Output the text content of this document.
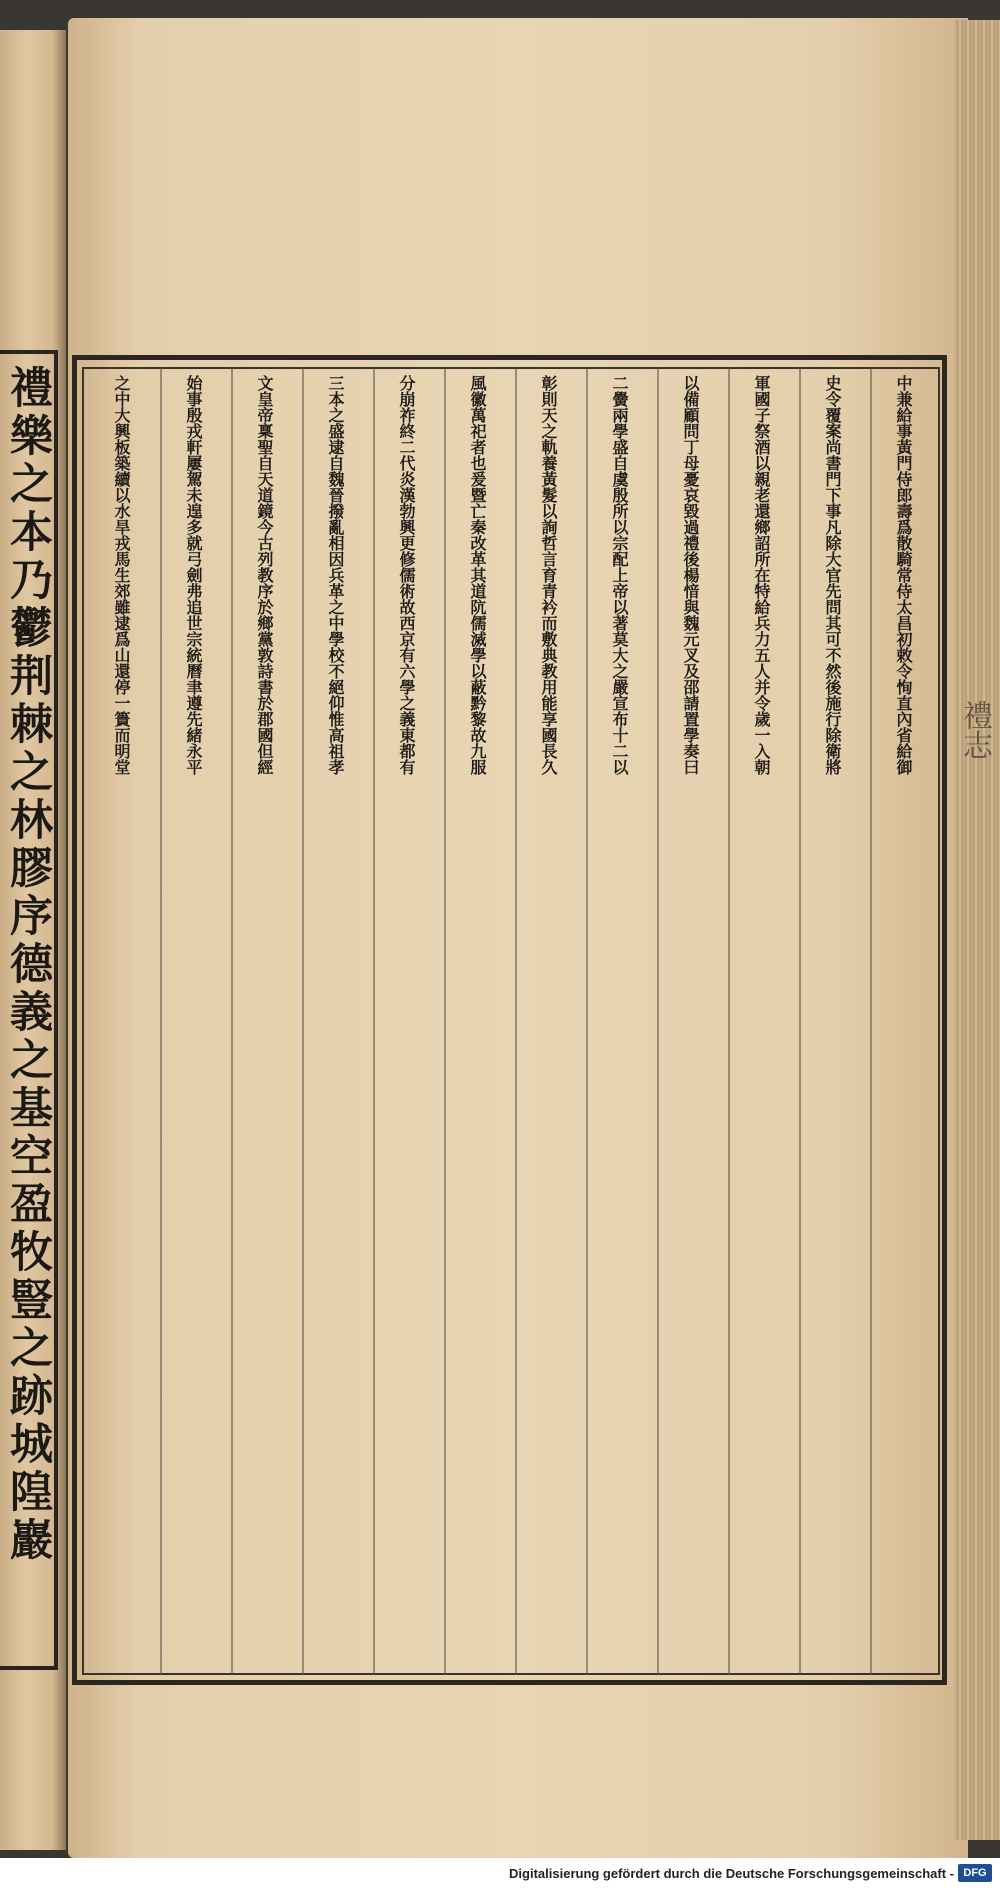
禮樂之本乃鬱荆棘之林膠序德義之基空盈牧豎之跡城隍巖	禮志
中兼給事黃門侍郎壽爲散騎常侍太昌初敕令恂直內省給御
史令覆案尚書門下事凡除大官先問其可不然後施行除衛將
軍國子祭酒以親老還鄉詔所在特給兵力五人并令歲一入朝
以備顧問丁母憂哀毀過禮後楊愔與魏元叉及邵請置學奏曰
二黌兩學盛自虞殷所以宗配上帝以著莫大之嚴宣布十二以
彰則天之軌養黃髮以詢哲言育青衿而敷典教用能享國長久
風徽萬祀者也爰暨亡秦改革其道阬儒滅學以蔽黔黎故九服
分崩祚終二代炎漢勃興更修儒術故西京有六學之義東都有
三本之盛逮自魏晉撥亂相因兵革之中學校不絕仰惟高祖孝
文皇帝稟聖自天道鏡今古列教序於鄉黨敦詩書於郡國但經
始事殷戎軒屢駕未遑多就弓劍弗追世宗統曆聿遵先緒永平
之中大興板築續以水旱戎馬生郊雖逮爲山還停一簣而明堂
Digitalisierung gefördert durch die Deutsche Forschungsgemeinschaft - DFG
